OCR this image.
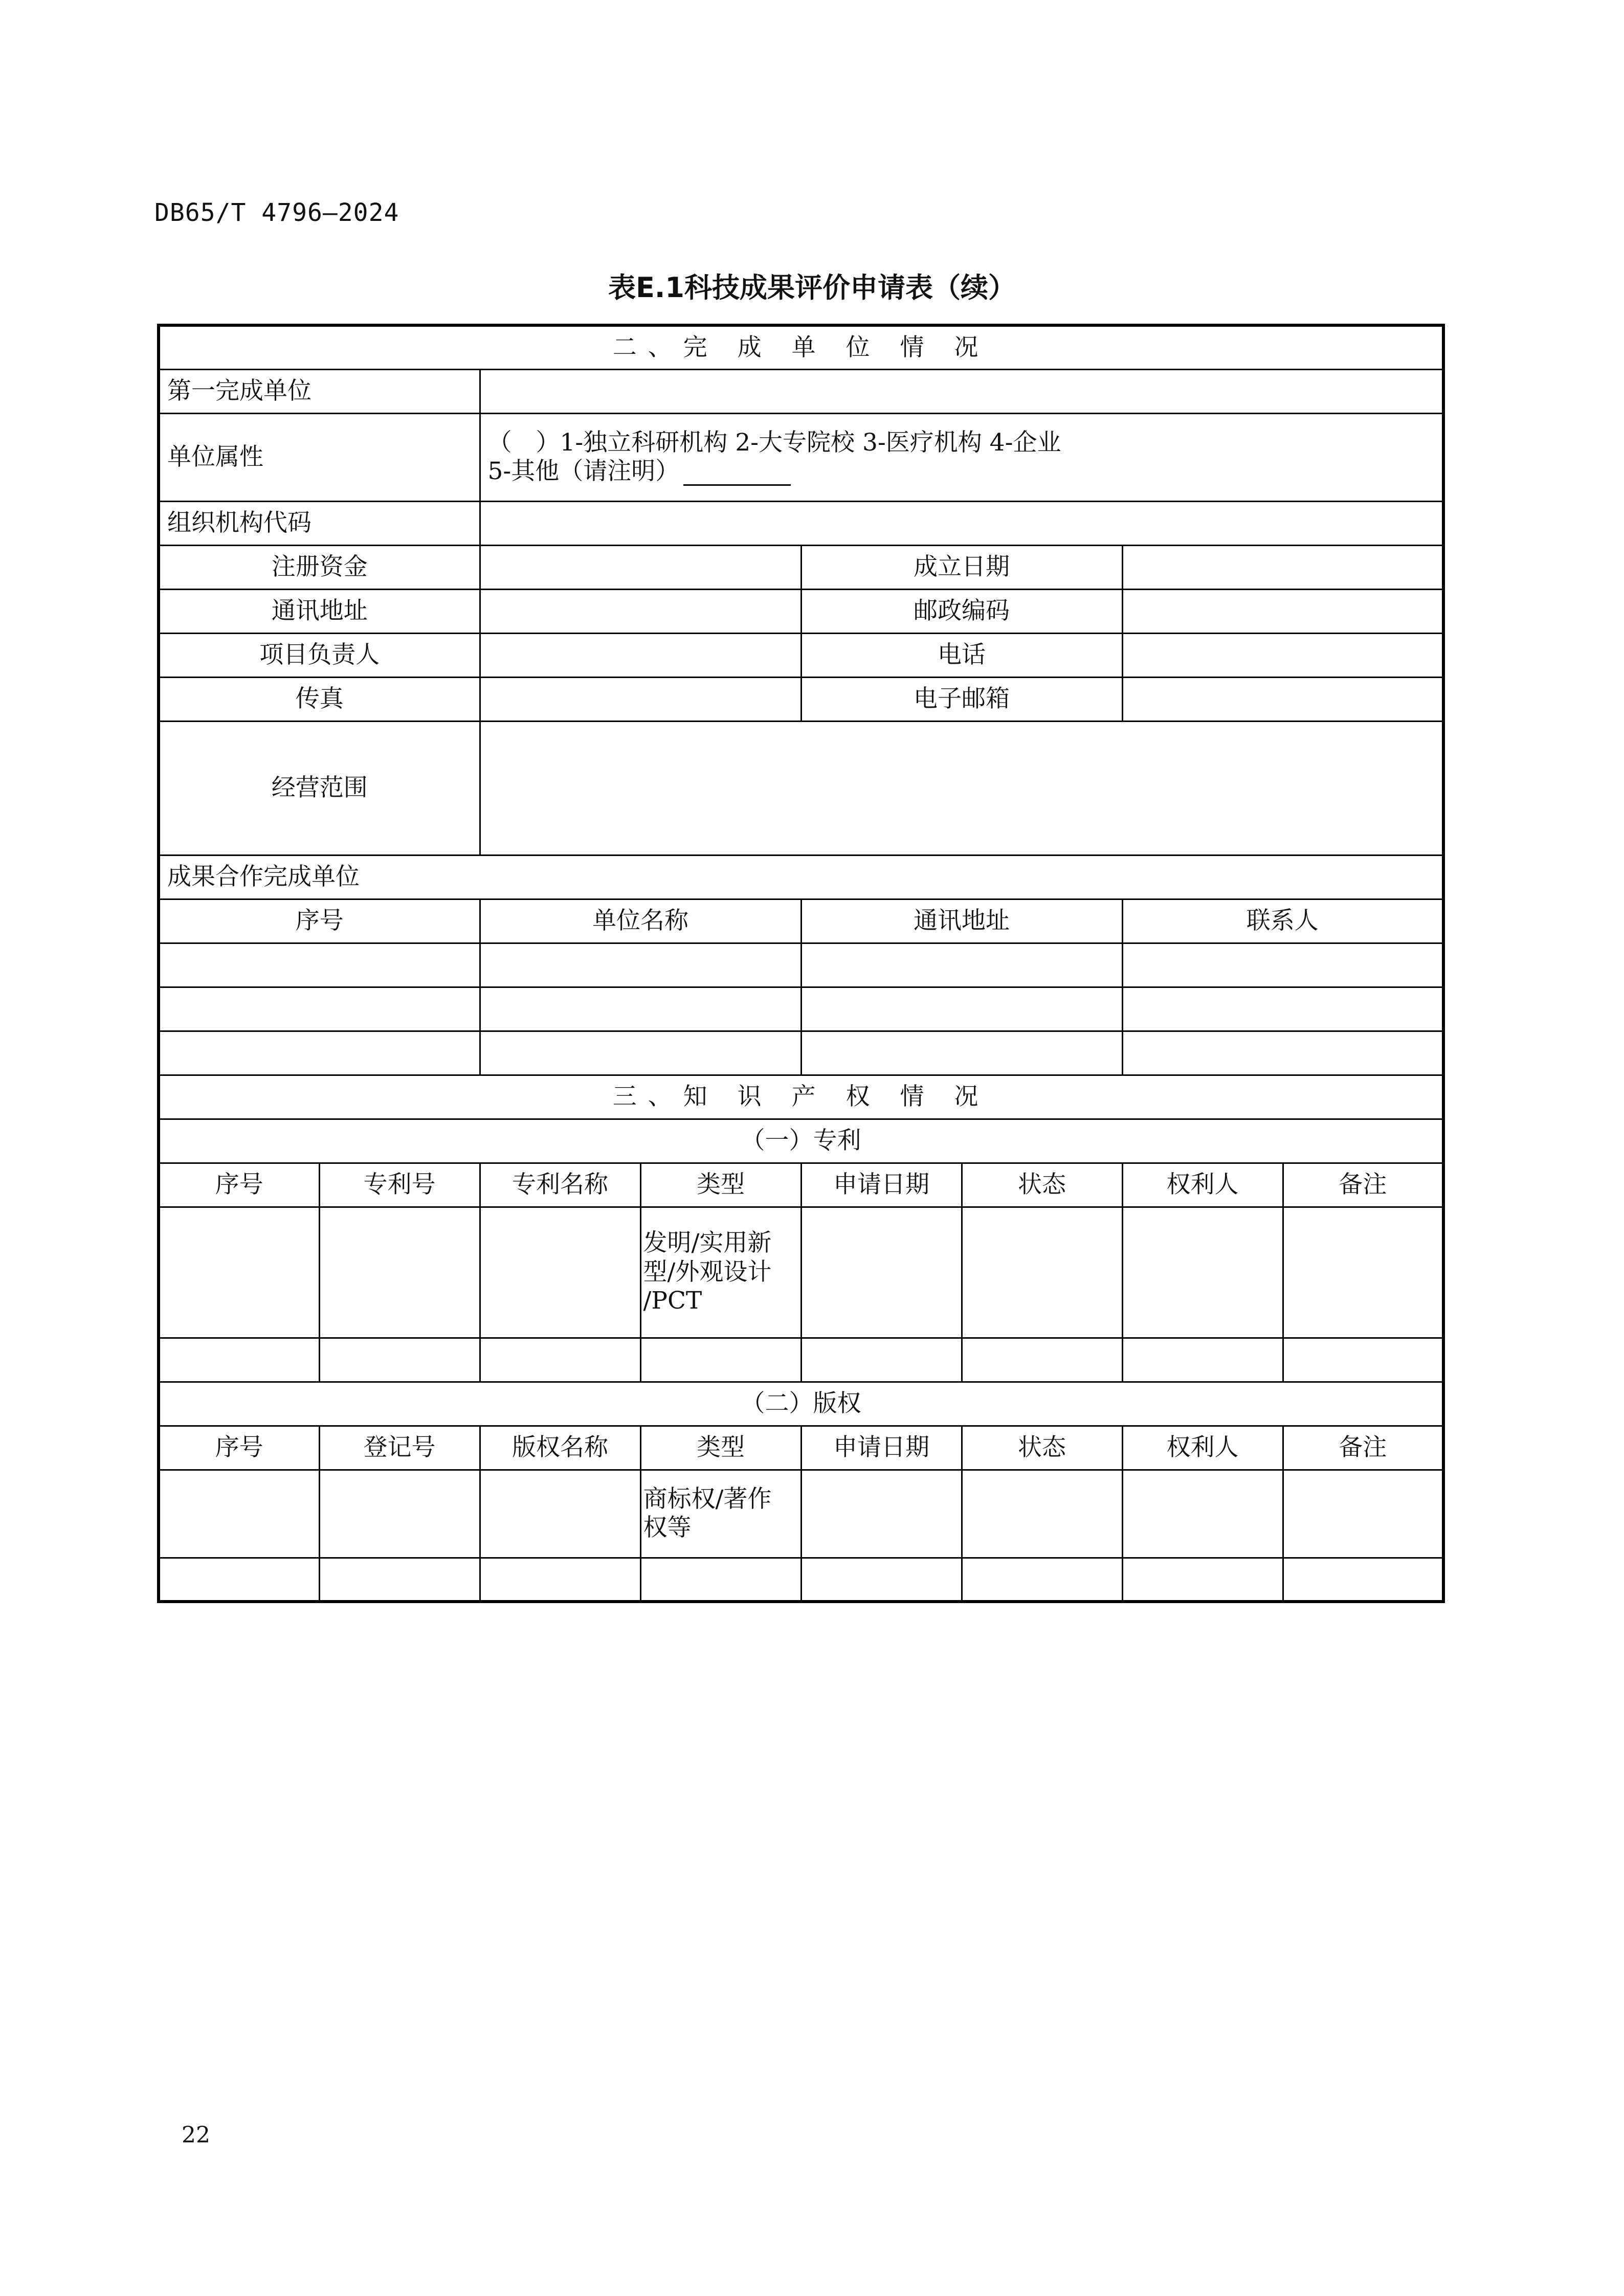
DB65/T 4796—2024
表E.1科技成果评价申请表（续）
二、完 成 单 位 情 况							
第一完成单位							
单位属性		（　）1-独立科研机构 2-大专院校 3-医疗机构 4-企业
5-其他（请注明）					

组织机构代码							
注册资金				成立日期			
通讯地址				邮政编码			
项目负责人				电话			
传真				电子邮箱			
经营范围							
成果合作完成单位							
序号		单位名称		通讯地址		联系人	

三、知 识 产 权 情 况							
（一）专利							
序号	专利号	专利名称	类型	申请日期	状态	权利人	备注

			发明/实用新
型/外观设计
/PCT				

（二）版权							
序号	登记号	版权名称	类型	申请日期	状态	权利人	备注

			商标权/著作
权等				

22
